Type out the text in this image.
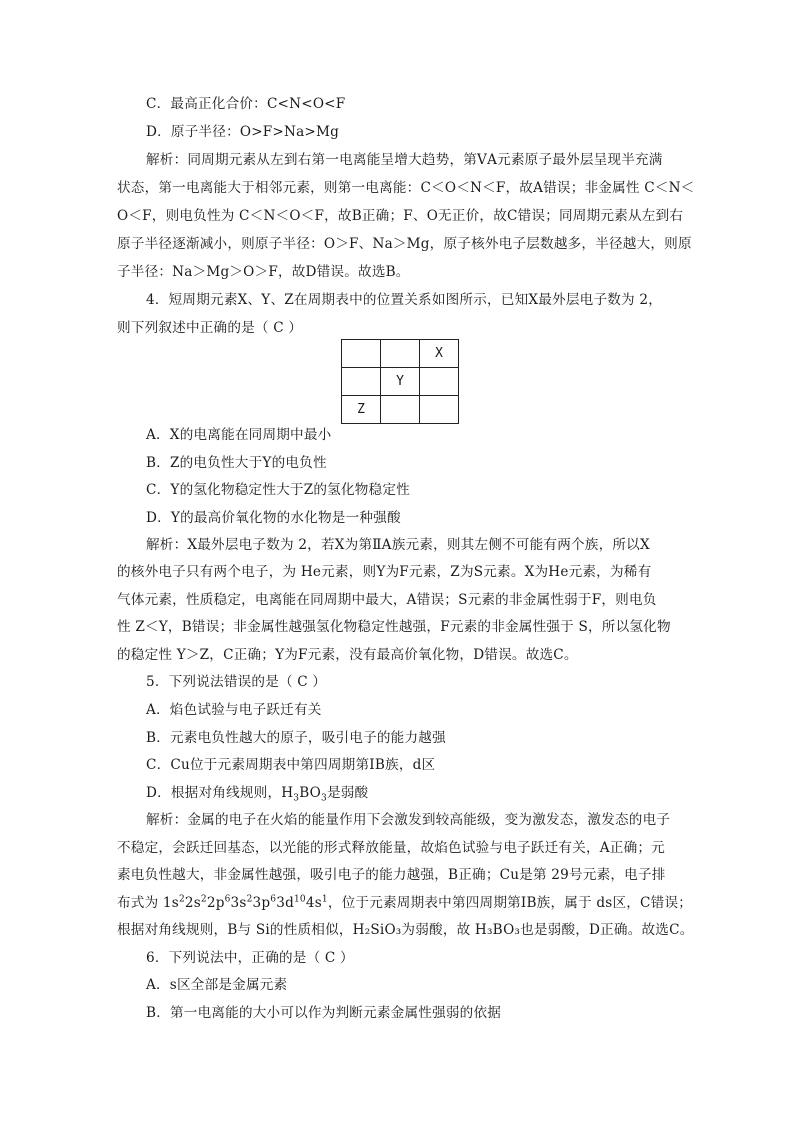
C．最高正化合价：C<N<O<F
D．原子半径：O>F>Na>Mg
解析：同周期元素从左到右第一电离能呈增大趋势，第ⅤA元素原子最外层呈现半充满
状态，第一电离能大于相邻元素，则第一电离能：C＜O＜N＜F，故A错误；非金属性 C＜N＜
O＜F，则电负性为 C＜N＜O＜F，故B正确；F、O无正价，故C错误；同周期元素从左到右
原子半径逐渐减小，则原子半径：O＞F、Na＞Mg，原子核外电子层数越多，半径越大，则原
子半径：Na＞Mg＞O＞F，故D错误。故选B。
4．短周期元素X、Y、Z在周期表中的位置关系如图所示，已知X最外层电子数为 2，
则下列叙述中正确的是（ C ）
		X
	Y	
Z		
A．X的电离能在同周期中最小
B．Z的电负性大于Y的电负性
C．Y的氢化物稳定性大于Z的氢化物稳定性
D．Y的最高价氧化物的水化物是一种强酸
解析：X最外层电子数为 2，若X为第ⅡA族元素，则其左侧不可能有两个族，所以X
的核外电子只有两个电子，为 He元素，则Y为F元素，Z为S元素。X为He元素，为稀有
气体元素，性质稳定，电离能在同周期中最大，A错误；S元素的非金属性弱于F，则电负
性 Z＜Y，B错误；非金属性越强氢化物稳定性越强，F元素的非金属性强于 S，所以氢化物
的稳定性 Y＞Z，C正确；Y为F元素，没有最高价氧化物，D错误。故选C。
5．下列说法错误的是（ C ）
A．焰色试验与电子跃迁有关
B．元素电负性越大的原子，吸引电子的能力越强
C．Cu位于元素周期表中第四周期第ⅠB族，d区
D．根据对角线规则，$H_3BO_3$是弱酸
解析：金属的电子在火焰的能量作用下会激发到较高能级，变为激发态，激发态的电子
不稳定，会跃迁回基态，以光能的形式释放能量，故焰色试验与电子跃迁有关，A正确；元
素电负性越大，非金属性越强，吸引电子的能力越强，B正确；Cu是第 29号元素，电子排
布式为 $1s^22s^22p^63s^23p^63d^{10}4s^1$，位于元素周期表中第四周期第ⅠB族，属于 ds区，C错误；
根据对角线规则，B与 Si的性质相似，H₂SiO₃为弱酸，故 H₃BO₃也是弱酸，D正确。故选C。
6．下列说法中，正确的是（ C ）
A．s区全部是金属元素
B．第一电离能的大小可以作为判断元素金属性强弱的依据
